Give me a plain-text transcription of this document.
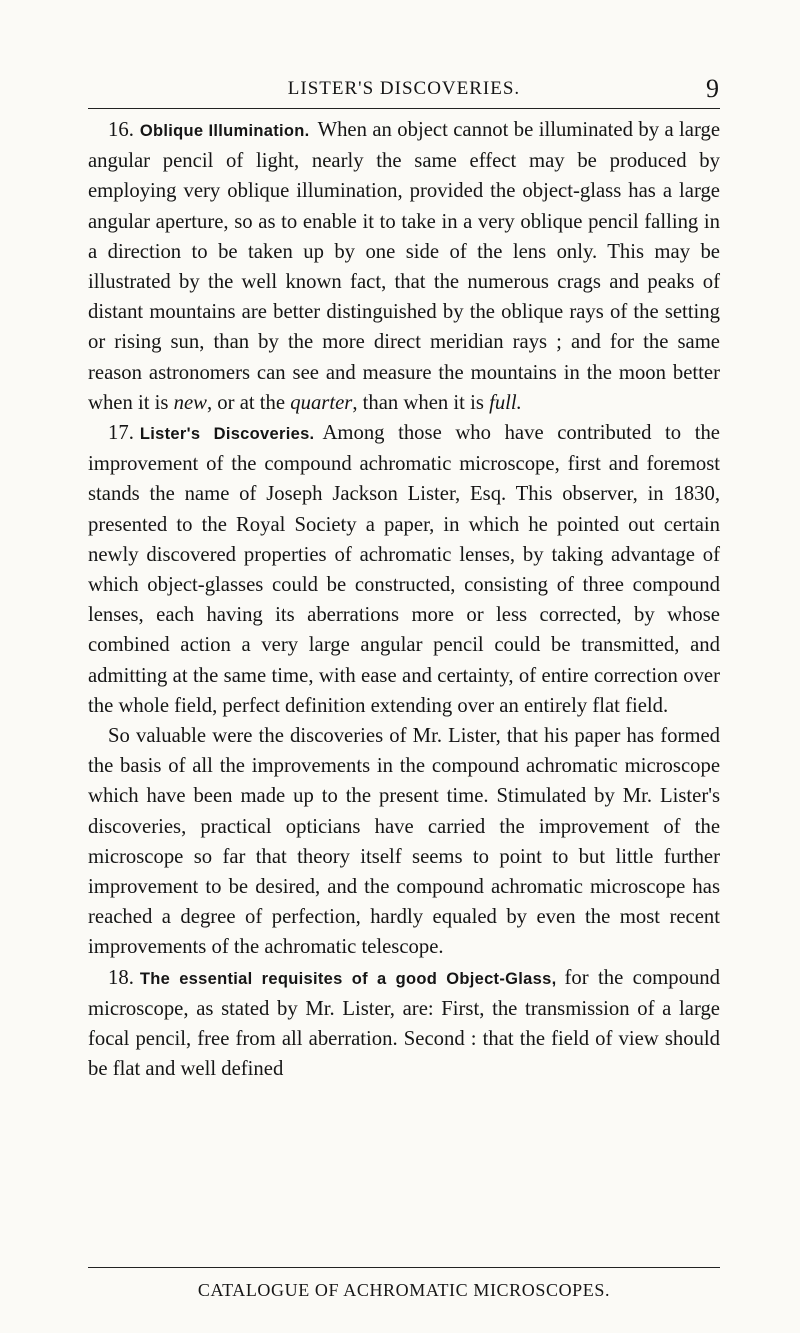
LISTER'S DISCOVERIES.	9

16. Oblique Illumination. When an object cannot be illuminated by a large angular pencil of light, nearly the same effect may be produced by employing very oblique illumination, provided the object-glass has a large angular aperture, so as to enable it to take in a very oblique pencil falling in a direction to be taken up by one side of the lens only. This may be illustrated by the well known fact, that the numerous crags and peaks of distant mountains are better distinguished by the oblique rays of the setting or rising sun, than by the more direct meridian rays ; and for the same reason astronomers can see and measure the mountains in the moon better when it is new, or at the quarter, than when it is full.

17. Lister's Discoveries. Among those who have contributed to the improvement of the compound achromatic microscope, first and foremost stands the name of Joseph Jackson Lister, Esq. This observer, in 1830, presented to the Royal Society a paper, in which he pointed out certain newly discovered properties of achromatic lenses, by taking advantage of which object-glasses could be constructed, consisting of three compound lenses, each having its aberrations more or less corrected, by whose combined action a very large angular pencil could be transmitted, and admitting at the same time, with ease and certainty, of entire correction over the whole field, perfect definition extending over an entirely flat field.

So valuable were the discoveries of Mr. Lister, that his paper has formed the basis of all the improvements in the compound achromatic microscope which have been made up to the present time. Stimulated by Mr. Lister's discoveries, practical opticians have carried the improvement of the microscope so far that theory itself seems to point to but little further improvement to be desired, and the compound achromatic microscope has reached a degree of perfection, hardly equaled by even the most recent improvements of the achromatic telescope.

18. The essential requisites of a good Object-Glass, for the compound microscope, as stated by Mr. Lister, are: First, the transmission of a large focal pencil, free from all aberration. Second : that the field of view should be flat and well defined

CATALOGUE OF ACHROMATIC MICROSCOPES.
